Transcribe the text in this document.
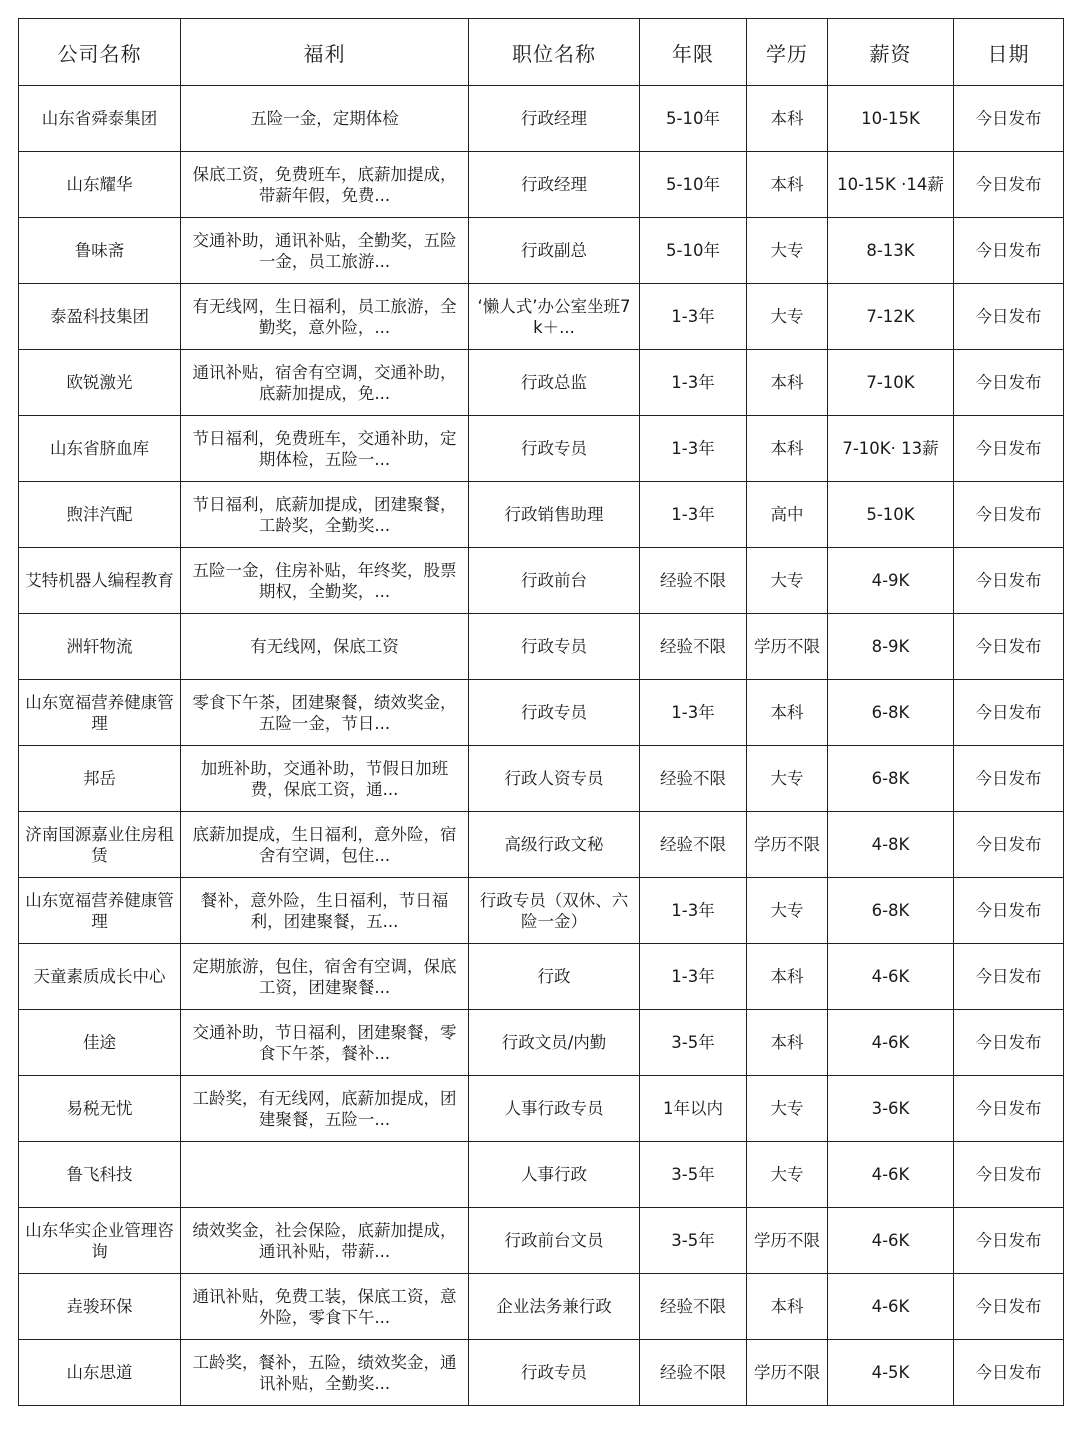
公司名称	福利	职位名称	年限	学历	薪资	日期

山东省舜泰集团	五险一金，定期体检	行政经理	5-10年	本科	10-15K	今日发布

山东耀华	保底工资，免费班车，底薪加提成，带薪年假，免费...	行政经理	5-10年	本科	10-15K ·14薪	今日发布

鲁味斋	交通补助，通讯补贴，全勤奖，五险一金，员工旅游...	行政副总	5-10年	大专	8-13K	今日发布

泰盈科技集团	有无线网，生日福利，员工旅游，全勤奖，意外险，...	‘懒人式’办公室坐班7k＋...	1-3年	大专	7-12K	今日发布

欧锐激光	通讯补贴，宿舍有空调，交通补助，底薪加提成，免...	行政总监	1-3年	本科	7-10K	今日发布

山东省脐血库	节日福利，免费班车，交通补助，定期体检，五险一...	行政专员	1-3年	本科	7-10K· 13薪	今日发布

煦沣汽配	节日福利，底薪加提成，团建聚餐，工龄奖，全勤奖...	行政销售助理	1-3年	高中	5-10K	今日发布

艾特机器人编程教育	五险一金，住房补贴，年终奖，股票期权，全勤奖，...	行政前台	经验不限	大专	4-9K	今日发布

洲轩物流	有无线网，保底工资	行政专员	经验不限	学历不限	8-9K	今日发布

山东宽福营养健康管理	零食下午茶，团建聚餐，绩效奖金，五险一金，节日...	行政专员	1-3年	本科	6-8K	今日发布

邦岳	加班补助，交通补助，节假日加班费，保底工资，通...	行政人资专员	经验不限	大专	6-8K	今日发布

济南国源嘉业住房租赁	底薪加提成，生日福利，意外险，宿舍有空调，包住...	高级行政文秘	经验不限	学历不限	4-8K	今日发布

山东宽福营养健康管理	餐补，意外险，生日福利，节日福利，团建聚餐，五...	行政专员（双休、六险一金）	1-3年	大专	6-8K	今日发布

天童素质成长中心	定期旅游，包住，宿舍有空调，保底工资，团建聚餐...	行政	1-3年	本科	4-6K	今日发布

佳途	交通补助，节日福利，团建聚餐，零食下午茶，餐补...	行政文员/内勤	3-5年	本科	4-6K	今日发布

易税无忧	工龄奖，有无线网，底薪加提成，团建聚餐，五险一...	人事行政专员	1年以内	大专	3-6K	今日发布

鲁飞科技		人事行政	3-5年	大专	4-6K	今日发布

山东华实企业管理咨询	绩效奖金，社会保险，底薪加提成，通讯补贴，带薪...	行政前台文员	3-5年	学历不限	4-6K	今日发布

垚骏环保	通讯补贴，免费工装，保底工资，意外险，零食下午...	企业法务兼行政	经验不限	本科	4-6K	今日发布

山东思道	工龄奖，餐补，五险，绩效奖金，通讯补贴，全勤奖...	行政专员	经验不限	学历不限	4-5K	今日发布
